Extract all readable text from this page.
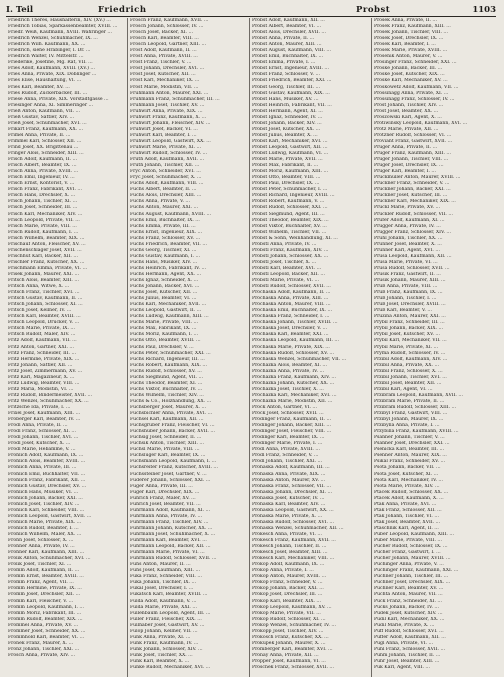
I. Teil	Friedrich	Probst	1103
Friedrich Theres, Haushälterin, XIV. (XV.) …
Friedrich Tobias, Sparkassenbeamter, XVIII. …
Friedr. Weiß, Kaufmann, XVIII. Währinger …
Friedrich Wenzel, Schuhmacher, IX. …
Friedrich Wilh. Kaufmann, XX. …
Friedrich, siehe Hrabinger, I. Dr. …
Friedrich Walter, IV. Mittelstr. …
Friederike, Josefine, Mg. Rat, VII. …
Fries Adolf, Kaufmann, XVIII. (XV.) …
Fries Anna, Private, XIX. Döblinger …
Fries Elise, Haushaltung, VI. …
Fries Karl, Beamter, XV. …
Fries Rudolf, Zuckerbäcker, III. …
Friese Anna, Private, XIX. Vorstadtgasse …
Friesinger Anna, XI. Simmeringer …
Frieß Anton, Kaufmann, VII. …
Frieß Gustav, Sattler, XIV. …
Frieß Josef, Schuhmacher, XVI. …
Frikart Franz, Kaufmann, XX. …
Frimel Anna, Private, II. …
Frimmel Karl, Schlosser, XII. …
Frind Josef, XX. Brigittenau …
Fringer Alois, Schneider, XIII. …
Frisch Adolf, Kaufmann, II. …
Frisch Albert, Beamter, IX. …
Frisch Anna, Private, XVIII. …
Frisch Emil, Ingenieur, IV. …
Frisch Ernst, Kontorist, V. …
Frisch Franz, Fabrikant, XVI. …
Frisch Hans, Drechsler, X. …
Frisch Johann, Tischler, XI. …
Frisch Josef, Schneider, III. …
Frisch Karl, Mechaniker, XIV. …
Frisch Leopold, Private, VII. …
Frisch Marie, Private, VIII. …
Frisch Rudolf, Kaufmann, I. …
Frisch Wilhelm, Beamter, XIX. …
Frischauf Anton, Fleischer, XV. …
Frischenschlager Josef, XVII. …
Frischhut Karl, Bäcker, XII. …
Frischler Franz, Kutscher, XX. …
Frischmann Emma, Private, VI. …
Frisek Johann, Maurer, XXI. …
Fritsch Alois, Beamter, XIII. …
Fritsch Anna, Witwe, X. …
Fritsch Franz, Tischler, XVI. …
Fritsch Gustav, Kaufmann, II. …
Fritsch Johann, Schlosser, XI. …
Fritsch Josef, Kellner, IV. …
Fritsch Karl, Beamter, XVIII. …
Fritsch Leopold, Drucker, V. …
Fritsch Marie, Private, IX. …
Fritsch Rudolf, Maler, XIV. …
Fritz Adolf, Kaufmann, VII. …
Fritz Anton, Gärtner, XXI. …
Fritz Franz, Schneider, III. …
Fritz Hermine, Private, XIX. …
Fritz Johann, Sattler, XII. …
Fritz Josef, Zimmermann, XV. …
Fritz Karl, Magazineur, X. …
Fritz Ludwig, Beamter, VIII. …
Fritz Maria, Modistin, VI. …
Fritz Rudolf, Bindermeister, XVII. …
Fritz Wenzel, Schuhmacher, XX. …
Fritzsche Ida, Private, I. …
Frixel Josef, Kaufmann, XIII. …
Froberger Karl, Beamter, IV. …
Frodl Anna, Private, II. …
Frodl Franz, Schlosser, XI. …
Frodl Johann, Tischler, XVI. …
Frodl Josef, Kutscher, X. …
Frodl Marie, Hebamme, V. …
Fröhlich Adolf, Kaufmann, IX. …
Fröhlich Alois, Beamter, XVIII. …
Fröhlich Anna, Private, III. …
Fröhlich Emil, Buchhalter, VII. …
Fröhlich Franz, Fabrikant, XII. …
Fröhlich Gustav, Drechsler, XV. …
Fröhlich Hans, Musiker, VI. …
Fröhlich Johann, Bäcker, XXI. …
Fröhlich Josef, Tischler, XIV. …
Fröhlich Karl, Schneider, VIII. …
Fröhlich Leopold, Gastwirt, XVII. …
Fröhlich Marie, Private, XIX. …
Fröhlich Rudolf, Beamter, I. …
Fröhlich Wilhelm, Maler, XX. …
Frohn Josef, Schlosser, X. …
Frohner Anna, Private, IV. …
Frohner Karl, Kaufmann, XIII. …
Frolik Anton, Schuhmacher, XVI. …
Frolik Josef, Tischler, XI. …
Fromm Adolf, Kaufmann, II. …
Fromm Ernst, Beamter, XVIII. …
Fromm Franz, Agent, VII. …
Fromm Hermine, Private, IX. …
Fromm Josef, Drechsler, XII. …
Fromm Karl, Fleischer, V. …
Fromm Leopold, Kaufmann, I. …
Fromm Moriz, Fabrikant, III. …
Fromm Rudolf, Beamter, XIX. …
Frommel Anna, Private, XV. …
Frommer Josef, Schneider, XX. …
Frommhold Karl, Beamter, VI. …
Fronek Franz, Maurer, X. …
Fronz Johann, Tischler, XXI. …
Frosch Anna, Private, XIV. …
Frosch Franz, Kaufmann, XVII. …
Frosch Johann, Schlosser, IV. …
Frosch Josef, Bäcker, XI. …
Frosch Karl, Beamter, VIII. …
Frosch Leopold, Gärtner, XIII. …
Frost Adolf, Kaufmann, II. …
Frost Anna, Private, XVIII. …
Frost Franz, Tischler, V. …
Frost Johann, Drechsler, XVI. …
Frost Josef, Kutscher, XII. …
Frost Karl, Mechaniker, IX. …
Frost Marie, Modistin, VII. …
Fruhmann Anton, Maurer, XXI. …
Fruhmann Franz, Schuhmacher, III. …
Fruhmann Josef, Tischler, XV. …
Frühwirt Anna, Private, XIX. …
Frühwirt Franz, Kaufmann, X. …
Frühwirt Johann, Fleischer, XIV. …
Frühwirt Josef, Bäcker, VI. …
Frühwirt Karl, Beamter, I. …
Frühwirt Leopold, Gastwirt, XX. …
Frühwirt Marie, Private, XI. …
Frühwirt Rudolf, Schlosser, IV. …
Fruth Adolf, Kaufmann, XVII. …
Fruth Johann, Tischler, XII. …
Fryč Anton, Schneider, XVI. …
Fryč Josef, Schuhmacher, X. …
Fuchs Adolf, Kaufmann, VIII. …
Fuchs Albert, Beamter, II. …
Fuchs Alois, Drechsler, XIII. …
Fuchs Anna, Private, V. …
Fuchs Anton, Maurer, XXI. …
Fuchs August, Kaufmann, XVIII. …
Fuchs Emil, Buchhalter, IX. …
Fuchs Emma, Private, III. …
Fuchs Ernst, Ingenieur, XIX. …
Fuchs Franz, Schlosser, XV. …
Fuchs Friedrich, Beamter, VII. …
Fuchs Georg, Tischler, XI. …
Fuchs Gustav, Kaufmann, I. …
Fuchs Hans, Musiker, XIV. …
Fuchs Heinrich, Fabrikant, IV. …
Fuchs Hermann, Agent, XX. …
Fuchs Ignaz, Schneider, X. …
Fuchs Johann, Bäcker, XVI. …
Fuchs Josef, Kutscher, XII. …
Fuchs Julius, Beamter, VI. …
Fuchs Karl, Mechaniker, XVII. …
Fuchs Leopold, Gastwirt, II. …
Fuchs Ludwig, Kaufmann, XIII. …
Fuchs Marie, Private, VIII. …
Fuchs Max, Fabrikant, IX. …
Fuchs Moriz, Kaufmann, I. …
Fuchs Otto, Beamter, XVIII. …
Fuchs Paul, Drechsler, V. …
Fuchs Peter, Schuhmacher, XXI. …
Fuchs Richard, Ingenieur, III. …
Fuchs Robert, Kaufmann, XIX. …
Fuchs Rudolf, Schlosser, XV. …
Fuchs Siegmund, Agent, VII. …
Fuchs Theodor, Beamter, XI. …
Fuchs Viktor, Buchhalter, IV. …
Fuchs Wilhelm, Tischler, XIV. …
Fuchs & Co., Holzhandlung, XX. …
Fuchsberger Josef, Maurer, X. …
Fuchsbichler Anna, Private, XVI. …
Füchsel Karl, Kaufmann, XII. …
Fuchsgruber Franz, Fleischer, VI. …
Fuchshuber Johann, Bäcker, XVII. …
Fuchsig Josef, Schneider, II. …
Fuchsik Anton, Tischler, XIII. …
Fuchsl Marie, Private, VIII. …
Fuchsluger Karl, Beamter, IX. …
Fuchsmann Leopold, Kaufmann, I. …
Fuchsreiter Franz, Kutscher, XVIII. …
Fuchssteiner Josef, Gärtner, V. …
Fuderer Johann, Schlosser, XXI. …
Füger Anna, Private, III. …
Füger Karl, Drechsler, XIX. …
Fuhrich Franz, Maler, XV. …
Fuhrich Josef, Beamter, VII. …
Fuhrmann Adolf, Kaufmann, XI. …
Fuhrmann Anna, Private, IV. …
Fuhrmann Franz, Tischler, XIV. …
Fuhrmann Johann, Kutscher, XX. …
Fuhrmann Josef, Schuhmacher, X. …
Fuhrmann Karl, Beamter, XVI. …
Fuhrmann Leopold, Bäcker, XII. …
Fuhrmann Marie, Private, VI. …
Fuhrmann Rudolf, Schlosser, XVII. …
Fuhs Anton, Maurer, II. …
Fuhs Josef, Kaufmann, XIII. …
Fuka Franz, Schneider, VIII. …
Fuka Johann, Tischler, IX. …
Fukal Josef, Drechsler, I. …
Fukatsch Karl, Beamter, XVIII. …
Fulda Adolf, Kaufmann, V. …
Fulda Marie, Private, XXI. …
Füllenbaum Leopold, Agent, III. …
Füller Franz, Fleischer, XIX. …
Füllhaber Josef, Gastwirt, XV. …
Fülöp Johann, Kellner, VII. …
Funk Anna, Private, XI. …
Funk Franz, Kaufmann, IV. …
Funk Johann, Schlosser, XIV. …
Funk Josef, Tischler, XX. …
Funk Karl, Beamter, X. …
Funke Rudolf, Mechaniker, XVI. …
Probst Adolf, Kaufmann, XII. …
Probst Albert, Beamter, VI. …
Probst Alois, Drechsler, XVII. …
Probst Anna, Private, II. …
Probst Anton, Maurer, XIII. …
Probst August, Kaufmann, VIII. …
Probst Emil, Buchhalter, IX. …
Probst Emma, Private, I. …
Probst Ernst, Ingenieur, XVIII. …
Probst Franz, Schlosser, V. …
Probst Friedrich, Beamter, XXI. …
Probst Georg, Tischler, III. …
Probst Gustav, Kaufmann, XIX. …
Probst Hans, Musiker, XV. …
Probst Heinrich, Fabrikant, VII. …
Probst Hermann, Agent, XI. …
Probst Ignaz, Schneider, IV. …
Probst Johann, Bäcker, XIV. …
Probst Josef, Kutscher, XX. …
Probst Julius, Beamter, X. …
Probst Karl, Mechaniker, XVI. …
Probst Leopold, Gastwirt, XII. …
Probst Ludwig, Kaufmann, VI. …
Probst Marie, Private, XVII. …
Probst Max, Fabrikant, II. …
Probst Moriz, Kaufmann, XIII. …
Probst Otto, Beamter, VIII. …
Probst Paul, Drechsler, IX. …
Probst Peter, Schuhmacher, I. …
Probst Richard, Ingenieur, XVIII. …
Probst Robert, Kaufmann, V. …
Probst Rudolf, Schlosser, XXI. …
Probst Siegmund, Agent, III. …
Probst Theodor, Beamter, XIX. …
Probst Viktor, Buchhalter, XV. …
Probst Wilhelm, Tischler, VII. …
Probst & Sohn, Weinhandlung, XI. …
Probstl Anna, Private, IV. …
Probstl Franz, Kaufmann, XIV. …
Probstl Johann, Schlosser, XX. …
Probstl Josef, Tischler, X. …
Probstl Karl, Beamter, XVI. …
Probstl Leopold, Bäcker, XII. …
Probstl Marie, Private, VI. …
Probstl Rudolf, Schlosser, XVII. …
Prochaska Adolf, Kaufmann, II. …
Prochaska Anna, Private, XIII. …
Prochaska Anton, Maurer, VIII. …
Prochaska Emil, Buchhalter, IX. …
Prochaska Franz, Schneider, I. …
Prochaska Johann, Tischler, XVIII. …
Prochaska Josef, Drechsler, V. …
Prochaska Karl, Beamter, XXI. …
Prochaska Leopold, Kaufmann, III. …
Prochaska Marie, Private, XIX. …
Prochaska Rudolf, Schlosser, XV. …
Prochaska Wenzel, Schuhmacher, VII. …
Prochazka Alois, Beamter, XI. …
Prochazka Anna, Private, IV. …
Prochazka Franz, Kaufmann, XIV. …
Prochazka Johann, Kutscher, XX. …
Prochazka Josef, Tischler, X. …
Prochazka Karl, Mechaniker, XVI. …
Prochazka Marie, Modistin, XII. …
Prock Anton, Gärtner, VI. …
Prock Josef, Schlosser, XVII. …
Prodinger Franz, Kaufmann, II. …
Prodinger Johann, Bäcker, XIII. …
Prodinger Josef, Fleischer, VIII. …
Prodinger Karl, Beamter, IX. …
Prodinger Marie, Private, I. …
Prodl Anna, Private, XVIII. …
Prodl Franz, Schneider, V. …
Prodl Johann, Tischler, XXI. …
Prohaska Adolf, Kaufmann, III. …
Prohaska Anna, Private, XIX. …
Prohaska Anton, Maurer, XV. …
Prohaska Franz, Schlosser, VII. …
Prohaska Johann, Drechsler, XI. …
Prohaska Josef, Kutscher, IV. …
Prohaska Karl, Beamter, XIV. …
Prohaska Leopold, Gastwirt, XX. …
Prohaska Marie, Private, X. …
Prohaska Rudolf, Schlosser, XVI. …
Prohaska Wenzel, Schuhmacher, XII. …
Prokesch Anna, Private, VI. …
Prokesch Franz, Kaufmann, XVII. …
Prokesch Johann, Tischler, II. …
Prokesch Josef, Beamter, XIII. …
Prokesch Karl, Mechaniker, VIII. …
Prokop Adolf, Kaufmann, IX. …
Prokop Anna, Private, I. …
Prokop Anton, Maurer, XVIII. …
Prokop Franz, Schneider, V. …
Prokop Johann, Bäcker, XXI. …
Prokop Josef, Drechsler, III. …
Prokop Karl, Beamter, XIX. …
Prokop Leopold, Kaufmann, XV. …
Prokop Marie, Private, VII. …
Prokop Rudolf, Schlosser, XI. …
Prokop Wenzel, Schuhmacher, IV. …
Prokopp Josef, Tischler, XIV. …
Prokosch Franz, Kutscher, XX. …
Prokupek Johann, Maurer, X. …
Promberger Karl, Beamter, XVI. …
Pronay Anna, Private, XII. …
Propper Josef, Kaufmann, VI. …
Proschek Franz, Schlosser, XVII. …
Prosek Anna, Private, II. …
Prosek Franz, Kaufmann, XIII. …
Prosek Johann, Tischler, VIII. …
Prosek Josef, Drechsler, IX. …
Prosek Karl, Beamter, I. …
Prosek Marie, Private, XVIII. …
Prosenik Anton, Maurer, V. …
Prosinger Franz, Schneider, XXI. …
Proske Johann, Bäcker, III. …
Proske Josef, Kutscher, XIX. …
Proske Karl, Mechaniker, XV. …
Proskowetz Adolf, Kaufmann, VII. …
Prossinagg Anna, Private, XI. …
Prossinagg Franz, Schlosser, IV. …
Prost Johann, Tischler, XIV. …
Prost Josef, Beamter, XX. …
Proszowski Karl, Agent, X. …
Protiwinsky Leopold, Kaufmann, XVI. …
Protz Marie, Private, XII. …
Protzner Rudolf, Schlosser, VI. …
Proviant Franz, Gastwirt, XVII. …
Prüger Anna, Private, II. …
Prüger Franz, Kaufmann, XIII. …
Prüger Johann, Tischler, VIII. …
Prüger Josef, Drechsler, IX. …
Prüger Karl, Beamter, I. …
Pruckmüller Anton, Maurer, XVIII. …
Pruckner Franz, Schneider, V. …
Pruckner Johann, Bäcker, XXI. …
Pruckner Josef, Kutscher, III. …
Pruckner Karl, Mechaniker, XIX. …
Prückl Marie, Private, XV. …
Prückler Rudolf, Schlosser, VII. …
Prüfer Adolf, Kaufmann, XI. …
Prugger Anna, Private, IV. …
Prugger Franz, Schlosser, XIV. …
Prühl Johann, Tischler, XX. …
Prunner Josef, Beamter, X. …
Prunner Karl, Agent, XVI. …
Prusa Leopold, Kaufmann, XII. …
Prusa Marie, Private, VI. …
Prusa Rudolf, Schlosser, XVII. …
Prusik Franz, Gastwirt, II. …
Prusik Johann, Maurer, XIII. …
Pruß Anna, Private, VIII. …
Pruß Franz, Kaufmann, IX. …
Pruß Johann, Tischler, I. …
Pruß Josef, Drechsler, XVIII. …
Pruß Karl, Beamter, V. …
Pruzina Anton, Maurer, XXI. …
Prybil Franz, Schneider, III. …
Prybil Johann, Bäcker, XIX. …
Prybil Josef, Kutscher, XV. …
Prybil Karl, Mechaniker, VII. …
Prybil Marie, Private, XI. …
Pryma Rudolf, Schlosser, IV. …
Przibil Adolf, Kaufmann, XIV. …
Przibil Anna, Private, XX. …
Przibil Franz, Schlosser, X. …
Przibil Johann, Tischler, XVI. …
Przibil Josef, Beamter, XII. …
Przibil Karl, Agent, VI. …
Przibram Leopold, Kaufmann, XVII. …
Przibram Marie, Private, II. …
Przibram Rudolf, Schlosser, XIII. …
Przibyl Franz, Gastwirt, VIII. …
Przibyl Johann, Maurer, IX. …
Przibylla Anna, Private, I. …
Przybilla Franz, Kaufmann, XVIII. …
Psanner Johann, Tischler, V. …
Psanner Josef, Drechsler, XXI. …
Psenicka Karl, Beamter, III. …
Psenner Anton, Maurer, XIX. …
Psikal Franz, Schneider, XV. …
Psota Johann, Bäcker, VII. …
Psota Josef, Kutscher, XI. …
Psota Karl, Mechaniker, IV. …
Psota Marie, Private, XIV. …
Ptacek Rudolf, Schlosser, XX. …
Ptacek Adolf, Kaufmann, X. …
Ptak Anna, Private, XVI. …
Ptak Franz, Schlosser, XII. …
Ptak Johann, Tischler, VI. …
Ptak Josef, Beamter, XVII. …
Ptaschnik Karl, Agent, II. …
Puber Leopold, Kaufmann, XIII. …
Puber Marie, Private, VIII. …
Pucher Rudolf, Schlosser, IX. …
Pucher Franz, Gastwirt, I. …
Pucher Johann, Maurer, XVIII. …
Puchinger Anna, Private, V. …
Puchinger Franz, Kaufmann, XXI. …
Puchner Johann, Tischler, III. …
Puchner Josef, Drechsler, XIX. …
Puchner Karl, Beamter, XV. …
Puchta Anton, Maurer, VII. …
Puck Franz, Schneider, XI. …
Pucks Johann, Bäcker, IV. …
Pudek Josef, Kutscher, XIV. …
Pudil Karl, Mechaniker, XX. …
Pudil Marie, Private, X. …
Puff Rudolf, Schlosser, XVI. …
Puffer Adolf, Kaufmann, XII. …
Pugl Anna, Private, VI. …
Puhl Franz, Schlosser, XVII. …
Puhm Johann, Tischler, II. …
Puhr Josef, Beamter, XIII. …
Puk Karl, Agent, VIII. …
